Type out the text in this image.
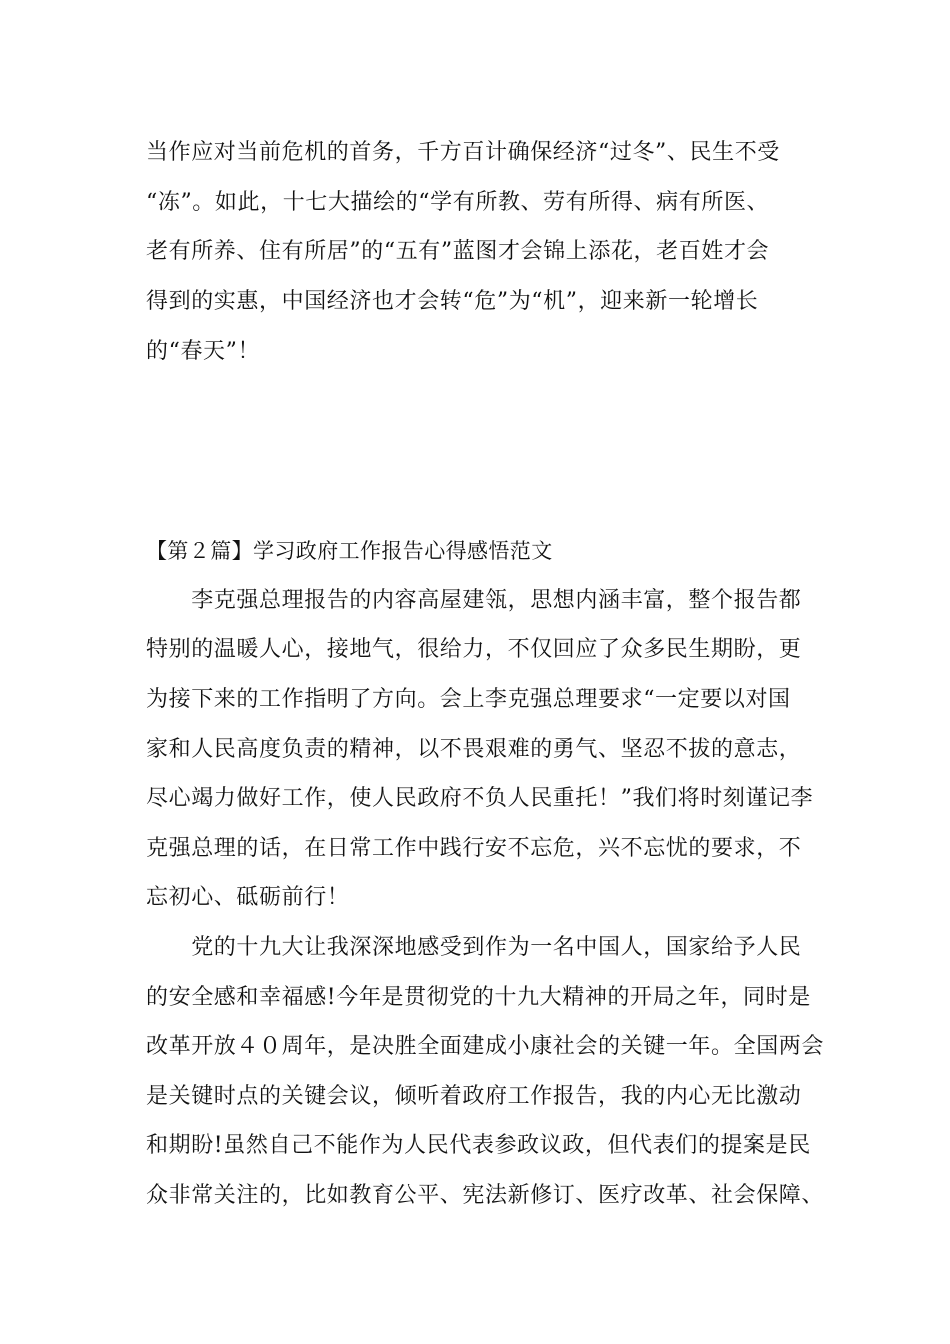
当作应对当前危机的首务，千方百计确保经济“过冬”、民生不受
“冻”。如此，十七大描绘的“学有所教、劳有所得、病有所医、
老有所养、住有所居”的“五有”蓝图才会锦上添花，老百姓才会
得到的实惠，中国经济也才会转“危”为“机”，迎来新一轮增长
的“春天”！
【第２篇】学习政府工作报告心得感悟范文
　　李克强总理报告的内容高屋建瓴，思想内涵丰富，整个报告都
特别的温暖人心，接地气，很给力，不仅回应了众多民生期盼，更
为接下来的工作指明了方向。会上李克强总理要求“一定要以对国
家和人民高度负责的精神，以不畏艰难的勇气、坚忍不拔的意志，
尽心竭力做好工作，使人民政府不负人民重托！”我们将时刻谨记李
克强总理的话，在日常工作中践行安不忘危，兴不忘忧的要求，不
忘初心、砥砺前行！
　　党的十九大让我深深地感受到作为一名中国人，国家给予人民
的安全感和幸福感!今年是贯彻党的十九大精神的开局之年，同时是
改革开放４０周年，是决胜全面建成小康社会的关键一年。全国两会
是关键时点的关键会议，倾听着政府工作报告，我的内心无比激动
和期盼!虽然自己不能作为人民代表参政议政，但代表们的提案是民
众非常关注的，比如教育公平、宪法新修订、医疗改革、社会保障、
